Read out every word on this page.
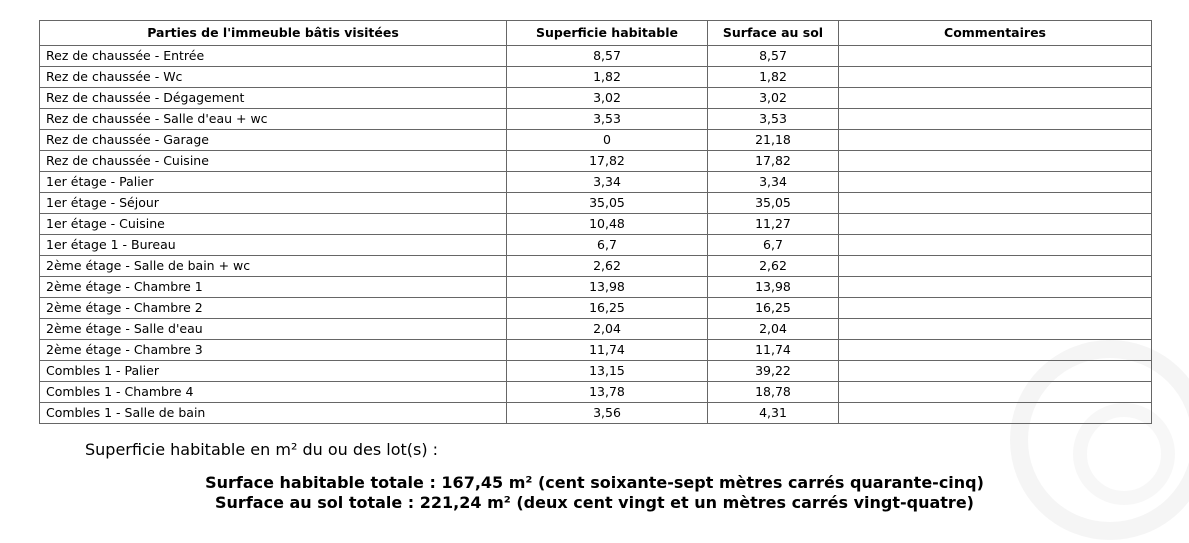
Parties de l'immeuble bâtis visitées	Superficie habitable	Surface au sol	Commentaires
Rez de chaussée - Entrée	8,57	8,57	
Rez de chaussée - Wc	1,82	1,82	
Rez de chaussée - Dégagement	3,02	3,02	
Rez de chaussée - Salle d'eau + wc	3,53	3,53	
Rez de chaussée - Garage	0	21,18	
Rez de chaussée - Cuisine	17,82	17,82	
1er étage - Palier	3,34	3,34	
1er étage - Séjour	35,05	35,05	
1er étage - Cuisine	10,48	11,27	
1er étage 1 - Bureau	6,7	6,7	
2ème étage - Salle de bain + wc	2,62	2,62	
2ème étage - Chambre 1	13,98	13,98	
2ème étage - Chambre 2	16,25	16,25	
2ème étage - Salle d'eau	2,04	2,04	
2ème étage - Chambre 3	11,74	11,74	
Combles 1 - Palier	13,15	39,22	
Combles 1 - Chambre 4	13,78	18,78	
Combles 1 - Salle de bain	3,56	4,31	
Superficie habitable en m² du ou des lot(s) :
Surface habitable totale : 167,45 m² (cent soixante-sept mètres carrés quarante-cinq)
Surface au sol totale : 221,24 m² (deux cent vingt et un mètres carrés vingt-quatre)
